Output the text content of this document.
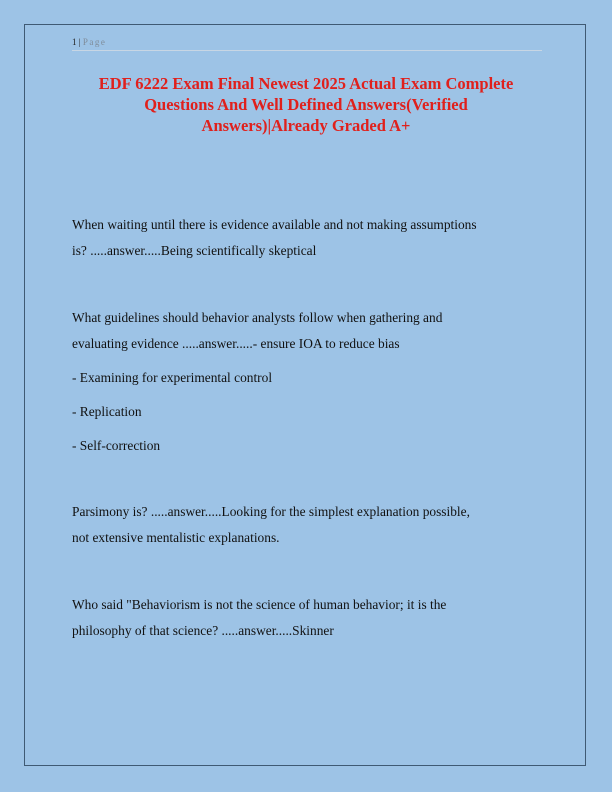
1 | Page
EDF 6222 Exam Final Newest 2025 Actual Exam Complete
Questions And Well Defined Answers(Verified
Answers)|Already Graded A+
When waiting until there is evidence available and not making assumptions
is? .....answer.....Being scientifically skeptical
What guidelines should behavior analysts follow when gathering and
evaluating evidence .....answer.....- ensure IOA to reduce bias
- Examining for experimental control
- Replication
- Self-correction
Parsimony is? .....answer.....Looking for the simplest explanation possible,
not extensive mentalistic explanations.
Who said "Behaviorism is not the science of human behavior; it is the
philosophy of that science? .....answer.....Skinner
